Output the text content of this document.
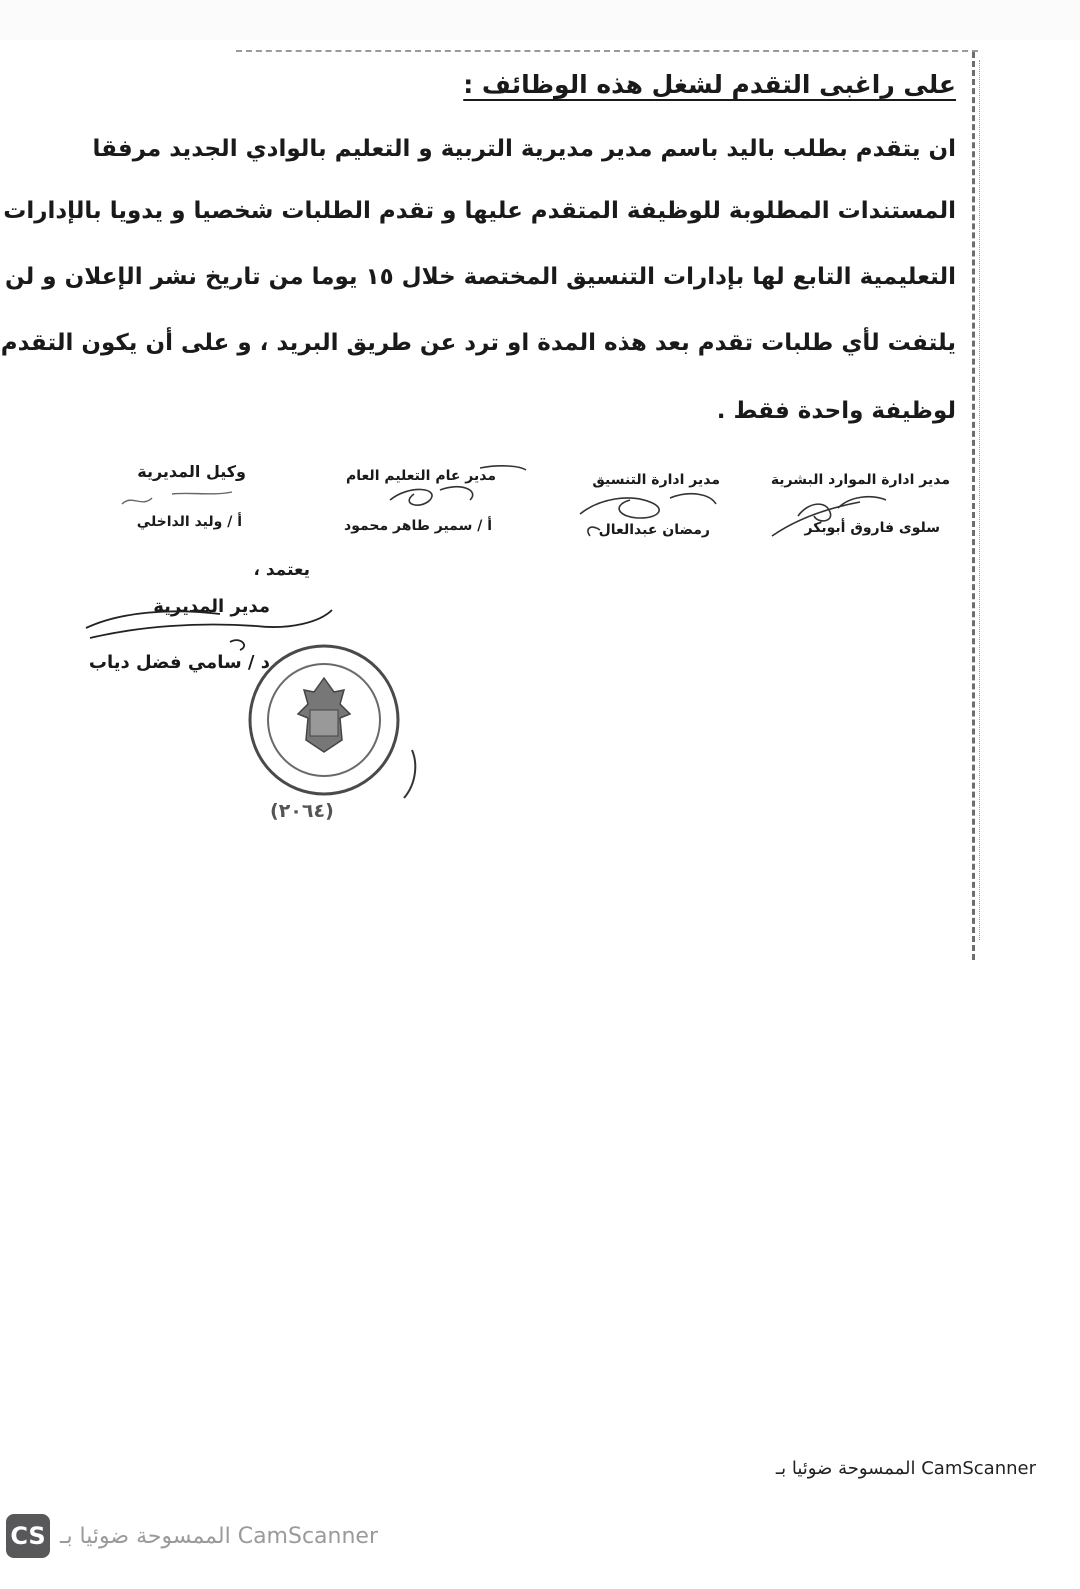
على راغبى التقدم لشغل هذه الوظائف :
ان يتقدم بطلب باليد باسم مدير مديرية التربية و التعليم بالوادي الجديد مرفقا
المستندات المطلوبة للوظيفة المتقدم عليها و تقدم الطلبات شخصيا و يدويا بالإدارات
التعليمية التابع لها بإدارات التنسيق المختصة خلال ١٥ يوما من تاريخ نشر الإعلان و لن
يلتفت لأي طلبات تقدم بعد هذه المدة او ترد عن طريق البريد ، و على أن يكون التقدم
لوظيفة واحدة فقط .
مدير ادارة الموارد البشرية
سلوى فاروق أبوبكر
مدير ادارة التنسيق
رمضان عبدالعال
مدير عام التعليم العام
أ / سمير طاهر محمود
وكيل المديرية
أ / وليد الداخلي
يعتمد ،
مدير المديرية
د / سامي فضل دياب
(٢٠٦٤)
الممسوحة ضوئيا بـ CamScanner
CS الممسوحة ضوئيا بـ CamScanner
